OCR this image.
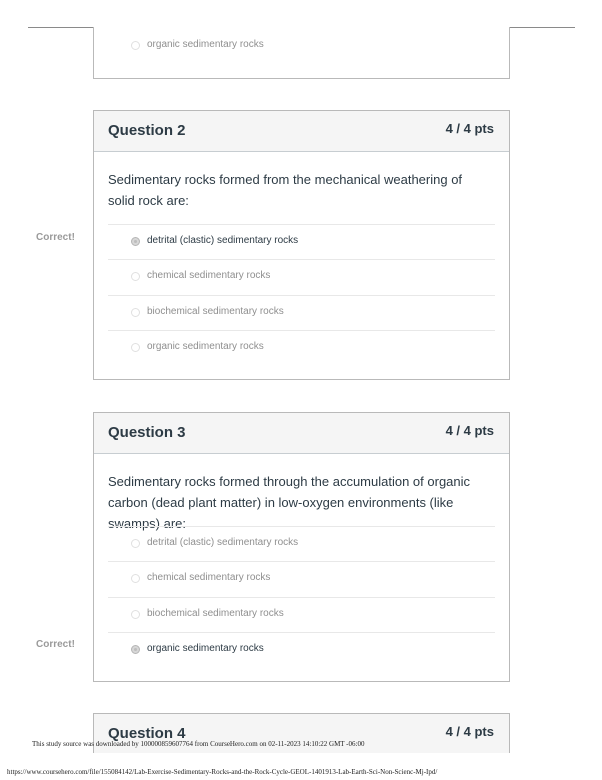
organic sedimentary rocks
Question 2	4 / 4 pts
Sedimentary rocks formed from the mechanical weathering of solid rock are:
detrital (clastic) sedimentary rocks
chemical sedimentary rocks
biochemical sedimentary rocks
organic sedimentary rocks
Correct!
Question 3	4 / 4 pts
Sedimentary rocks formed through the accumulation of organic carbon (dead plant matter) in low-oxygen environments (like swamps) are:
detrital (clastic) sedimentary rocks
chemical sedimentary rocks
biochemical sedimentary rocks
organic sedimentary rocks
Correct!
Question 4	4 / 4 pts
This study source was downloaded by 100000859607764 from CourseHero.com on 02-11-2023 14:10:22 GMT -06:00
https://www.coursehero.com/file/155084142/Lab-Exercise-Sedimentary-Rocks-and-the-Rock-Cycle-GEOL-1401913-Lab-Earth-Sci-Non-Scienc-Mj-Ipd/
